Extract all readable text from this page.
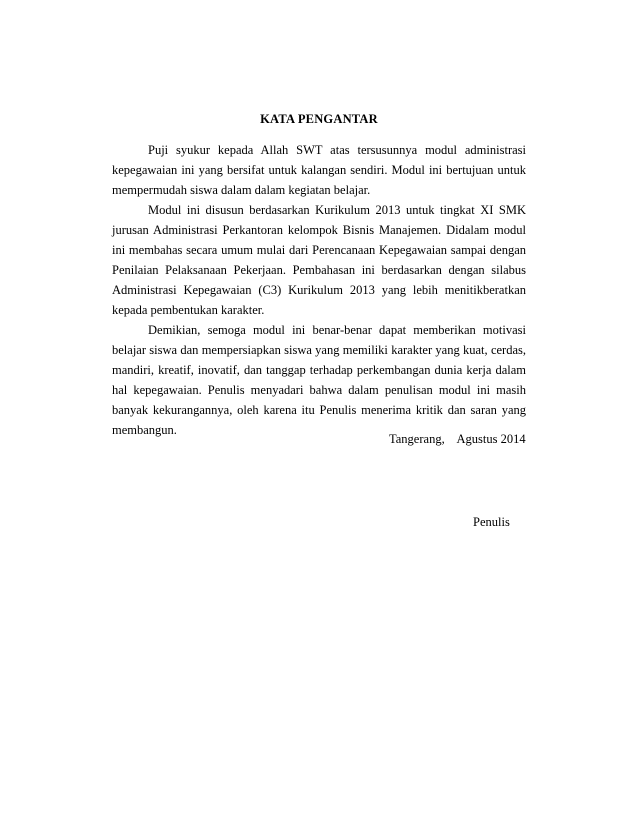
KATA PENGANTAR

Puji syukur kepada Allah SWT atas tersusunnya modul administrasi kepegawaian ini yang bersifat untuk kalangan sendiri. Modul ini bertujuan untuk mempermudah siswa dalam dalam kegiatan belajar.

Modul ini disusun berdasarkan Kurikulum 2013 untuk tingkat XI SMK jurusan Administrasi Perkantoran kelompok Bisnis Manajemen. Didalam modul ini membahas secara umum mulai dari Perencanaan Kepegawaian sampai dengan Penilaian Pelaksanaan Pekerjaan. Pembahasan ini berdasarkan dengan silabus Administrasi Kepegawaian (C3) Kurikulum 2013 yang lebih menitikberatkan kepada pembentukan karakter.

Demikian, semoga modul ini benar-benar dapat memberikan motivasi belajar siswa dan mempersiapkan siswa yang memiliki karakter yang kuat, cerdas, mandiri, kreatif, inovatif, dan tanggap terhadap perkembangan dunia kerja dalam hal kepegawaian. Penulis menyadari bahwa dalam penulisan modul ini masih banyak kekurangannya, oleh karena itu Penulis menerima kritik dan saran yang membangun.

Tangerang,    Agustus 2014
Penulis
